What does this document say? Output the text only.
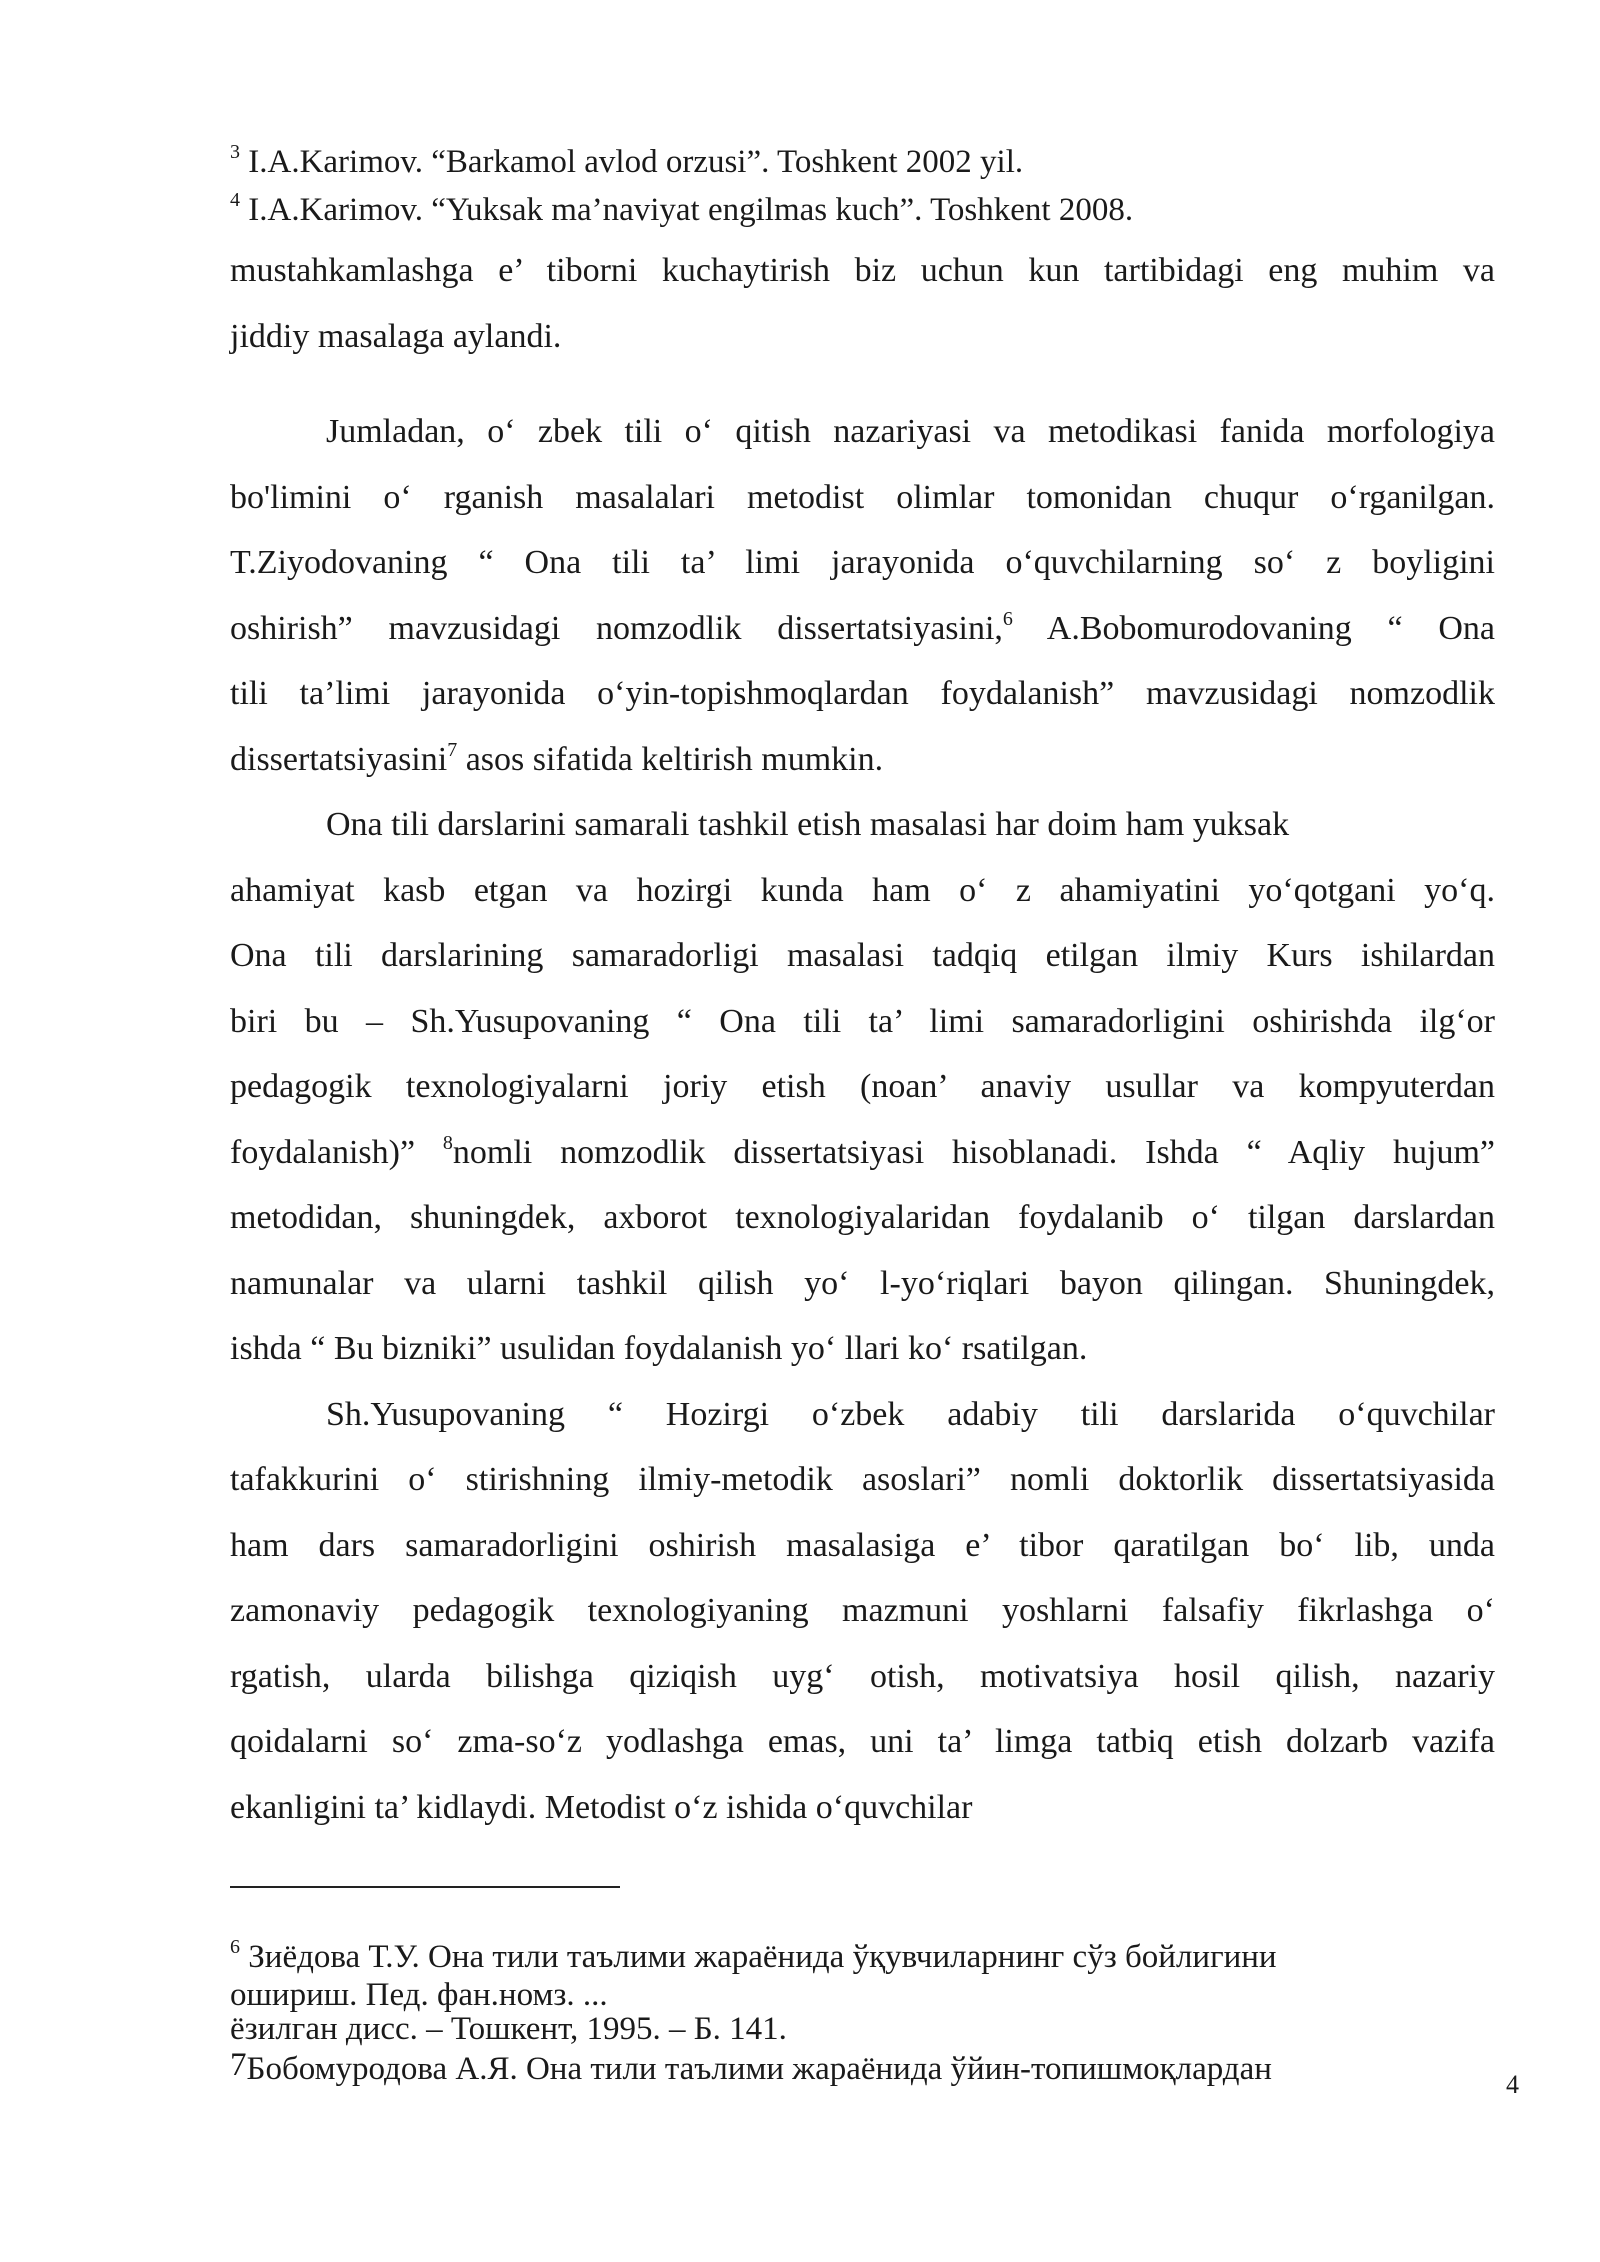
$^3$ I.A.Karimov. “Barkamol avlod orzusi”. Toshkent 2002 yil.
$^4$ I.A.Karimov. “Yuksak ma’naviyat engilmas kuch”. Toshkent 2008.
mustahkamlashga e’ tiborni kuchaytirish biz uchun kun tartibidagi eng muhim va
jiddiy masalaga aylandi.
Jumladan, o‘ zbek tili o‘ qitish nazariyasi va metodikasi fanida morfologiya
bo'limini o‘ rganish masalalari metodist olimlar tomonidan chuqur o‘rganilgan.
T.Ziyodovaning “ Ona tili ta’ limi jarayonida o‘quvchilarning so‘ z boyligini
oshirish” mavzusidagi nomzodlik dissertatsiyasini,$^6$ A.Bobomurodovaning “ Ona
tili ta’limi jarayonida o‘yin-topishmoqlardan foydalanish” mavzusidagi nomzodlik
dissertatsiyasini$^7$ asos sifatida keltirish mumkin.
Ona tili darslarini samarali tashkil etish masalasi har doim ham yuksak
ahamiyat kasb etgan va hozirgi kunda ham o‘ z ahamiyatini yo‘qotgani yo‘q.
Ona tili darslarining samaradorligi masalasi tadqiq etilgan ilmiy Kurs ishilardan
biri bu – Sh.Yusupovaning “ Ona tili ta’ limi samaradorligini oshirishda ilg‘or
pedagogik texnologiyalarni joriy etish (noan’ anaviy usullar va kompyuterdan
foydalanish)” $^8$nomli nomzodlik dissertatsiyasi hisoblanadi. Ishda “ Aqliy hujum”
metodidan, shuningdek, axborot texnologiyalaridan foydalanib o‘ tilgan darslardan
namunalar va ularni tashkil qilish yo‘ l-yo‘riqlari bayon qilingan. Shuningdek,
ishda “ Bu bizniki” usulidan foydalanish yo‘ llari ko‘ rsatilgan.
Sh.Yusupovaning “ Hozirgi o‘zbek adabiy tili darslarida o‘quvchilar
tafakkurini o‘ stirishning ilmiy-metodik asoslari” nomli doktorlik dissertatsiyasida
ham dars samaradorligini oshirish masalasiga e’ tibor qaratilgan bo‘ lib, unda
zamonaviy pedagogik texnologiyaning mazmuni yoshlarni falsafiy fikrlashga o‘
rgatish, ularda bilishga qiziqish uyg‘ otish, motivatsiya hosil qilish, nazariy
qoidalarni so‘ zma-so‘z yodlashga emas, uni ta’ limga tatbiq etish dolzarb vazifa
ekanligini ta’ kidlaydi. Metodist o‘z ishida o‘quvchilar
$^6$ Зиёдова Т.У. Она тили таълими жараёнида ўқувчиларнинг сўз бойлигини
ошириш. Пед. фан.номз. ...
ёзилган дисс. – Тошкент, 1995. – Б. 141.
$^7$Бобомуродова А.Я. Она тили таълими жараёнида ўйин-топишмоқлардан	4
